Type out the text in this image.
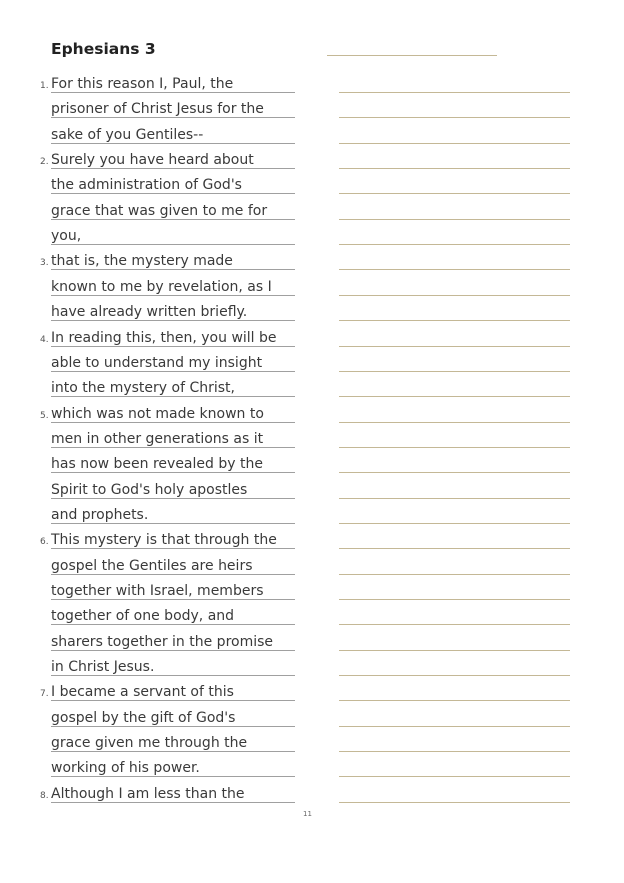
Ephesians 3
1. For this reason I, Paul, the
prisoner of Christ Jesus for the
sake of you Gentiles--
2. Surely you have heard about
the administration of God's
grace that was given to me for
you,
3. that is, the mystery made
known to me by revelation, as I
have already written briefly.
4. In reading this, then, you will be
able to understand my insight
into the mystery of Christ,
5. which was not made known to
men in other generations as it
has now been revealed by the
Spirit to God's holy apostles
and prophets.
6. This mystery is that through the
gospel the Gentiles are heirs
together with Israel, members
together of one body, and
sharers together in the promise
in Christ Jesus.
7. I became a servant of this
gospel by the gift of God's
grace given me through the
working of his power.
8. Although I am less than the
11
